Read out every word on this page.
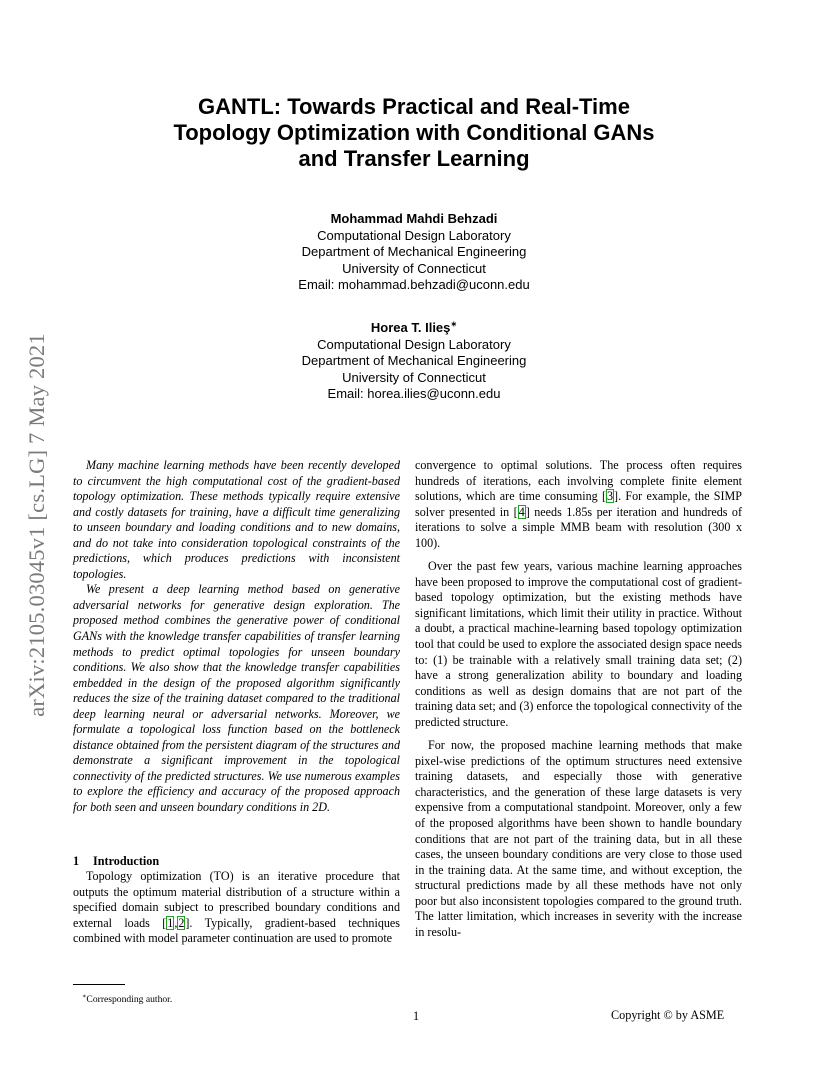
arXiv:2105.03045v1 [cs.LG] 7 May 2021
GANTL: Towards Practical and Real-Time
Topology Optimization with Conditional GANs
and Transfer Learning
Mohammad Mahdi Behzadi
Computational Design Laboratory
Department of Mechanical Engineering
University of Connecticut
Email: mohammad.behzadi@uconn.edu
Horea T. Ilieş∗
Computational Design Laboratory
Department of Mechanical Engineering
University of Connecticut
Email: horea.ilies@uconn.edu

Many machine learning methods have been recently developed to circumvent the high computational cost of the gradient-based topology optimization. These methods typically require extensive and costly datasets for training, have a difficult time generalizing to unseen boundary and loading conditions and to new domains, and do not take into consideration topological constraints of the predictions, which produces predictions with inconsistent topologies.

We present a deep learning method based on generative adversarial networks for generative design exploration. The proposed method combines the generative power of conditional GANs with the knowledge transfer capabilities of transfer learning methods to predict optimal topologies for unseen boundary conditions. We also show that the knowledge transfer capabilities embedded in the design of the proposed algorithm significantly reduces the size of the training dataset compared to the traditional deep learning neural or adversarial networks. Moreover, we formulate a topological loss function based on the bottleneck distance obtained from the persistent diagram of the structures and demonstrate a significant improvement in the topological connectivity of the predicted structures. We use numerous examples to explore the efficiency and accuracy of the proposed approach for both seen and unseen boundary conditions in 2D.

1 Introduction

Topology optimization (TO) is an iterative procedure that outputs the optimum material distribution of a structure within a specified domain subject to prescribed boundary conditions and external loads [1,2]. Typically, gradient-based techniques combined with model parameter continuation are used to promote

convergence to optimal solutions. The process often requires hundreds of iterations, each involving complete finite element solutions, which are time consuming [3]. For example, the SIMP solver presented in [4] needs 1.85s per iteration and hundreds of iterations to solve a simple MMB beam with resolution (300 x 100).

Over the past few years, various machine learning approaches have been proposed to improve the computational cost of gradient-based topology optimization, but the existing methods have significant limitations, which limit their utility in practice. Without a doubt, a practical machine-learning based topology optimization tool that could be used to explore the associated design space needs to: (1) be trainable with a relatively small training data set; (2) have a strong generalization ability to boundary and loading conditions as well as design domains that are not part of the training data set; and (3) enforce the topological connectivity of the predicted structure.

For now, the proposed machine learning methods that make pixel-wise predictions of the optimum structures need extensive training datasets, and especially those with generative characteristics, and the generation of these large datasets is very expensive from a computational standpoint. Moreover, only a few of the proposed algorithms have been shown to handle boundary conditions that are not part of the training data, but in all these cases, the unseen boundary conditions are very close to those used in the training data. At the same time, and without exception, the structural predictions made by all these methods have not only poor but also inconsistent topologies compared to the ground truth. The latter limitation, which increases in severity with the increase in resolu-

∗Corresponding author.
1	Copyright © by ASME
